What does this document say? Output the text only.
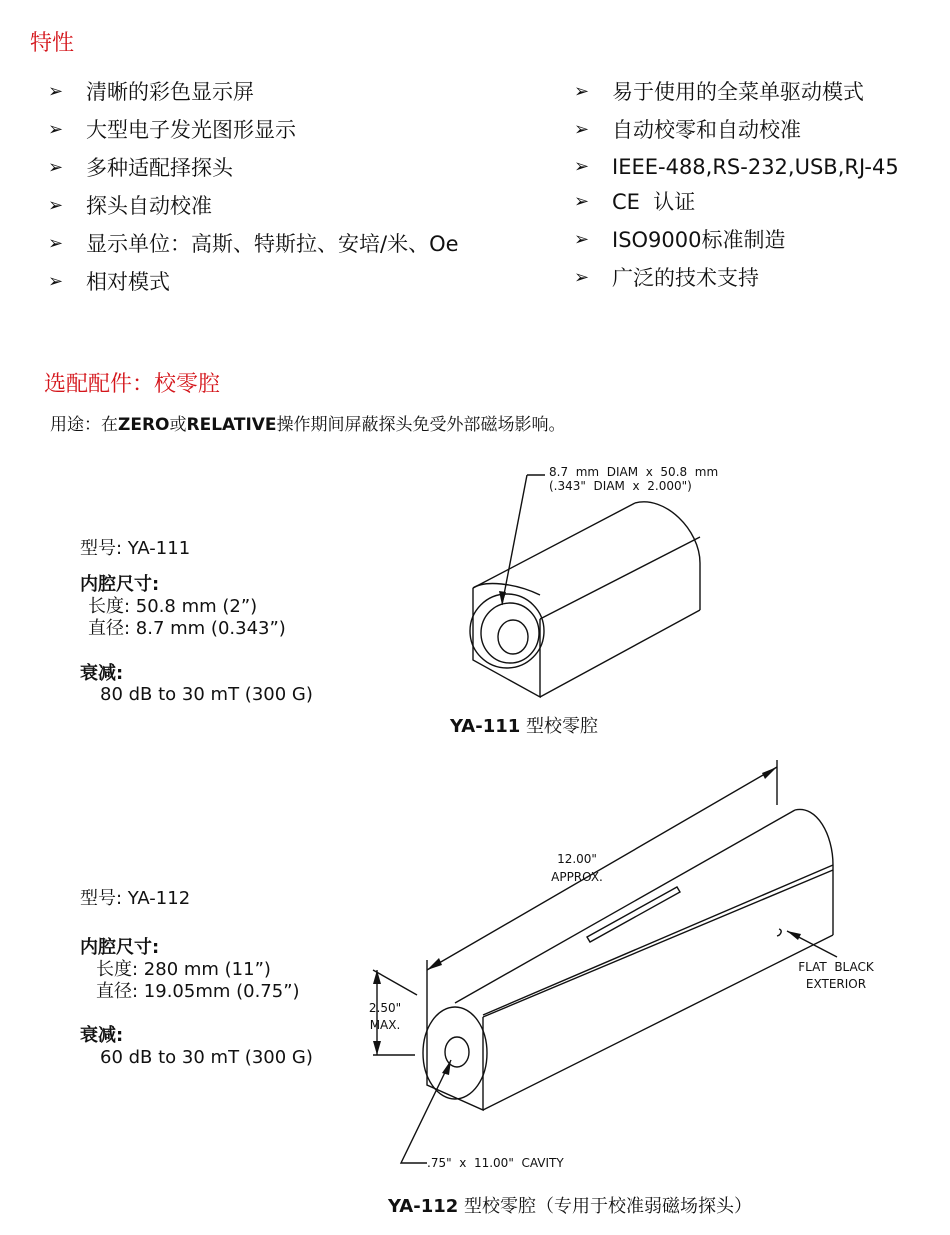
特性
➢ 清晰的彩色显示屏
➢ 大型电子发光图形显示
➢ 多种适配择探头
➢ 探头自动校准
➢ 显示单位：高斯、特斯拉、安培/米、Oe
➢ 相对模式
➢ 易于使用的全菜单驱动模式
➢ 自动校零和自动校准
➢ IEEE-488,RS-232,USB,RJ-45
➢ CE  认证
➢ ISO9000标准制造
➢ 广泛的技术支持
选配配件：校零腔
用途：在ZERO或RELATIVE操作期间屏蔽探头免受外部磁场影响。
型号: YA-111
内腔尺寸:
长度: 50.8 mm (2”)
直径: 8.7 mm (0.343”)
衰减:
80 dB to 30 mT (300 G)
8.7  mm  DIAM  x  50.8  mm
(.343"  DIAM  x  2.000")
YA-111 型校零腔
型号: YA-112
内腔尺寸:
长度: 280 mm (11”)
直径: 19.05mm (0.75”)
衰减:
60 dB to 30 mT (300 G)
12.00"
APPROX.
2.50"
MAX.
FLAT  BLACK
EXTERIOR
.75"  x  11.00"  CAVITY
YA-112 型校零腔（专用于校准弱磁场探头）
